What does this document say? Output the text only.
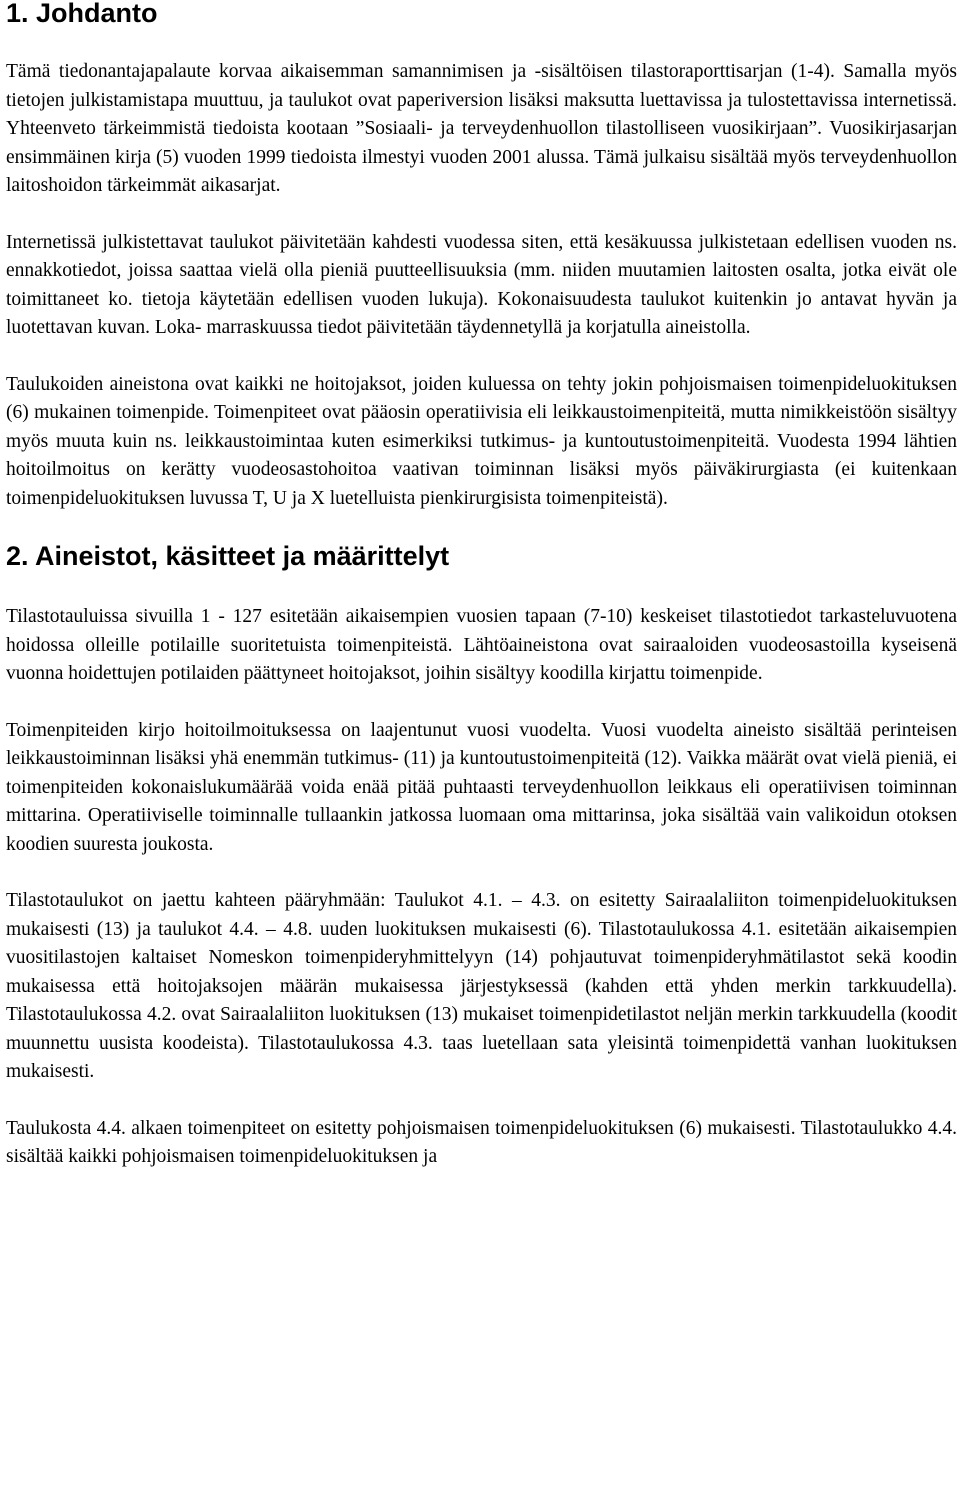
1. Johdanto

Tämä tiedonantajapalaute korvaa aikaisemman samannimisen ja -sisältöisen tilastoraporttisarjan (1-4). Samalla myös tietojen julkistamistapa muuttuu, ja taulukot ovat paperiversion lisäksi maksutta luettavissa ja tulostettavissa internetissä. Yhteenveto tärkeimmistä tiedoista kootaan ”Sosiaali- ja terveydenhuollon tilastolliseen vuosikirjaan”. Vuosikirjasarjan ensimmäinen kirja (5) vuoden 1999 tiedoista ilmestyi vuoden 2001 alussa. Tämä julkaisu sisältää myös terveydenhuollon laitoshoidon tärkeimmät aikasarjat.

Internetissä julkistettavat taulukot päivitetään kahdesti vuodessa siten, että kesäkuussa julkistetaan edellisen vuoden ns. ennakkotiedot, joissa saattaa vielä olla pieniä puutteellisuuksia (mm. niiden muutamien laitosten osalta, jotka eivät ole toimittaneet ko. tietoja käytetään edellisen vuoden lukuja). Kokonaisuudesta taulukot kuitenkin jo antavat hyvän ja luotettavan kuvan. Loka- marraskuussa tiedot päivitetään täydennetyllä ja korjatulla aineistolla.

Taulukoiden aineistona ovat kaikki ne hoitojaksot, joiden kuluessa on tehty jokin pohjoismaisen toimenpideluokituksen (6) mukainen toimenpide. Toimenpiteet ovat pääosin operatiivisia eli leikkaustoimenpiteitä, mutta nimikkeistöön sisältyy myös muuta kuin ns. leikkaustoimintaa kuten esimerkiksi tutkimus- ja kuntoutustoimenpiteitä. Vuodesta 1994 lähtien hoitoilmoitus on kerätty vuodeosastohoitoa vaativan toiminnan lisäksi myös päiväkirurgiasta (ei kuitenkaan toimenpideluokituksen luvussa T, U ja X luetelluista pienkirurgisista toimenpiteistä).

2. Aineistot, käsitteet ja määrittelyt

Tilastotauluissa sivuilla 1 - 127 esitetään aikaisempien vuosien tapaan (7-10) keskeiset tilastotiedot tarkasteluvuotena hoidossa olleille potilaille suoritetuista toimenpiteistä. Lähtöaineistona ovat sairaaloiden vuodeosastoilla kyseisenä vuonna hoidettujen potilaiden päättyneet hoitojaksot, joihin sisältyy koodilla kirjattu toimenpide.

Toimenpiteiden kirjo hoitoilmoituksessa on laajentunut vuosi vuodelta. Vuosi vuodelta aineisto sisältää perinteisen leikkaustoiminnan lisäksi yhä enemmän tutkimus- (11) ja kuntoutustoimenpiteitä (12). Vaikka määrät ovat vielä pieniä, ei toimenpiteiden kokonaislukumäärää voida enää pitää puhtaasti terveydenhuollon leikkaus eli operatiivisen toiminnan mittarina. Operatiiviselle toiminnalle tullaankin jatkossa luomaan oma mittarinsa, joka sisältää vain valikoidun otoksen koodien suuresta joukosta.

Tilastotaulukot on jaettu kahteen pääryhmään: Taulukot 4.1. – 4.3. on esitetty Sairaalaliiton toimenpideluokituksen mukaisesti (13) ja taulukot 4.4. – 4.8. uuden luokituksen mukaisesti (6). Tilastotaulukossa 4.1. esitetään aikaisempien vuositilastojen kaltaiset Nomeskon toimenpideryhmittelyyn (14) pohjautuvat toimenpideryhmätilastot sekä koodin mukaisessa että hoitojaksojen määrän mukaisessa järjestyksessä (kahden että yhden merkin tarkkuudella). Tilastotaulukossa 4.2. ovat Sairaalaliiton luokituksen (13) mukaiset toimenpidetilastot neljän merkin tarkkuudella (koodit muunnettu uusista koodeista). Tilastotaulukossa 4.3. taas luetellaan sata yleisintä toimenpidettä vanhan luokituksen mukaisesti.

Taulukosta 4.4. alkaen toimenpiteet on esitetty pohjoismaisen toimenpideluokituksen (6) mukaisesti. Tilastotaulukko 4.4. sisältää kaikki pohjoismaisen toimenpideluokituksen ja
